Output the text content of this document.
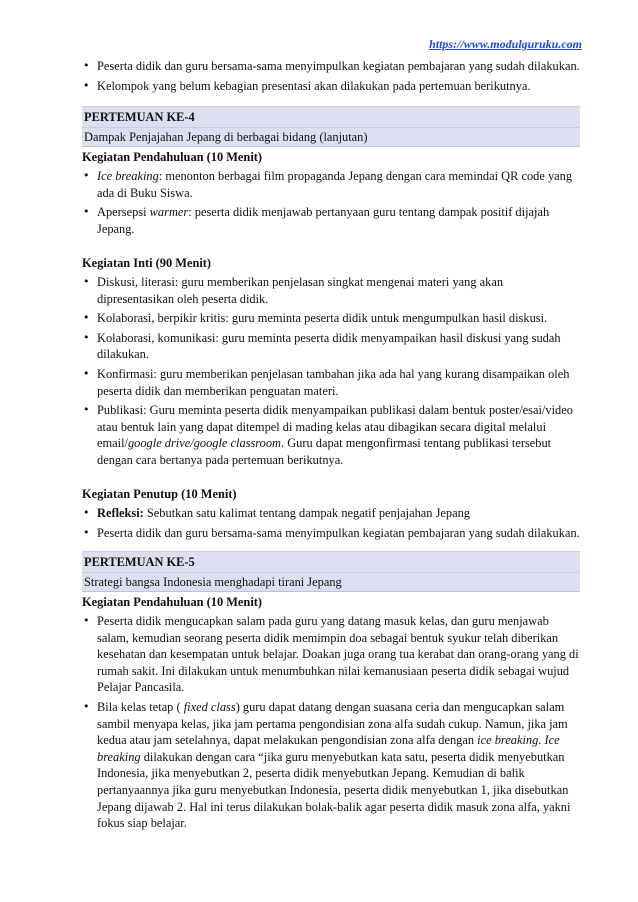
https://www.modulguruku.com
• Peserta didik dan guru bersama-sama menyimpulkan kegiatan pembajaran yang sudah dilakukan.
• Kelompok yang belum kebagian presentasi akan dilakukan pada pertemuan berikutnya.
PERTEMUAN KE-4
Dampak Penjajahan Jepang di berbagai bidang (lanjutan)
Kegiatan Pendahuluan (10 Menit)
• Ice breaking: menonton berbagai film propaganda Jepang dengan cara memindai QR code yang ada di Buku Siswa.
• Apersepsi warmer: peserta didik menjawab pertanyaan guru tentang dampak positif dijajah Jepang.
Kegiatan Inti (90 Menit)
• Diskusi, literasi: guru memberikan penjelasan singkat mengenai materi yang akan dipresentasikan oleh peserta didik.
• Kolaborasi, berpikir kritis: guru meminta peserta didik untuk mengumpulkan hasil diskusi.
• Kolaborasi, komunikasi: guru meminta peserta didik menyampaikan hasil diskusi yang sudah dilakukan.
• Konfirmasi: guru memberikan penjelasan tambahan jika ada hal yang kurang disampaikan oleh peserta didik dan memberikan penguatan materi.
• Publikasi: Guru meminta peserta didik menyampaikan publikasi dalam bentuk poster/esai/video atau bentuk lain yang dapat ditempel di mading kelas atau dibagikan secara digital melalui email/google drive/google classroom. Guru dapat mengonfirmasi tentang publikasi tersebut dengan cara bertanya pada pertemuan berikutnya.
Kegiatan Penutup (10 Menit)
• Refleksi: Sebutkan satu kalimat tentang dampak negatif penjajahan Jepang
• Peserta didik dan guru bersama-sama menyimpulkan kegiatan pembajaran yang sudah dilakukan.
PERTEMUAN KE-5
Strategi bangsa Indonesia menghadapi tirani Jepang
Kegiatan Pendahuluan (10 Menit)
• Peserta didik mengucapkan salam pada guru yang datang masuk kelas, dan guru menjawab salam, kemudian seorang peserta didik memimpin doa sebagai bentuk syukur telah diberikan kesehatan dan kesempatan untuk belajar. Doakan juga orang tua kerabat dan orang-orang yang di rumah sakit. Ini dilakukan untuk menumbuhkan nilai kemanusiaan peserta didik sebagai wujud Pelajar Pancasila.
• Bila kelas tetap ( fixed class) guru dapat datang dengan suasana ceria dan mengucapkan salam sambil menyapa kelas, jika jam pertama pengondisian zona alfa sudah cukup. Namun, jika jam kedua atau jam setelahnya, dapat melakukan pengondisian zona alfa dengan ice breaking. Ice breaking dilakukan dengan cara “jika guru menyebutkan kata satu, peserta didik menyebutkan Indonesia, jika menyebutkan 2, peserta didik menyebutkan Jepang. Kemudian di balik pertanyaannya jika guru menyebutkan Indonesia, peserta didik menyebutkan 1, jika disebutkan Jepang dijawab 2. Hal ini terus dilakukan bolak-balik agar peserta didik masuk zona alfa, yakni fokus siap belajar.
